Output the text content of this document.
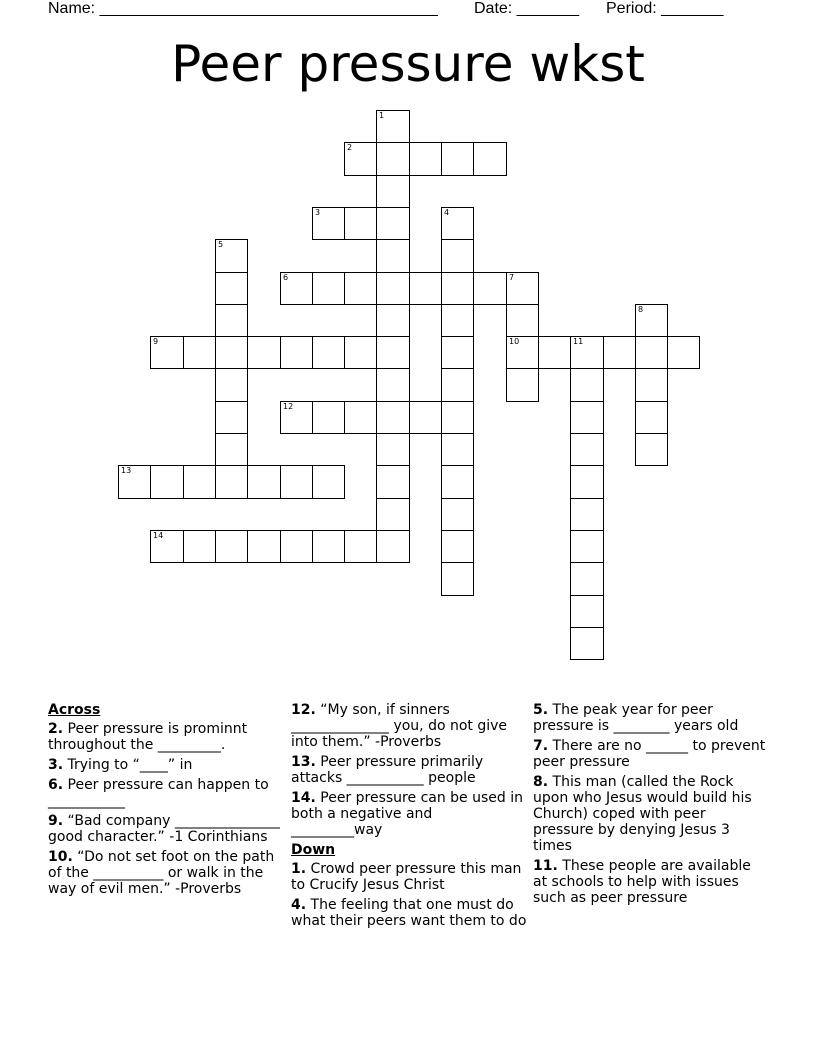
Name: ______________________________________ Date: _______ Period: _______
Peer pressure wkst
1
2
3	4
5
6	7
10
8
9	11
12
13
14
Across
2. Peer pressure is prominnt throughout the _________.
3. Trying to “____” in
6. Peer pressure can happen to ___________
9. “Bad company _______________ good character.” -1 Corinthians
10. “Do not set foot on the path of the __________ or walk in the way of evil men.” -Proverbs
12. “My son, if sinners ______________ you, do not give into them.” -Proverbs
13. Peer pressure primarily attacks ___________ people
14. Peer pressure can be used in both a negative and _________way
Down
1. Crowd peer pressure this man to Crucify Jesus Christ
4. The feeling that one must do what their peers want them to do
5. The peak year for peer pressure is ________ years old
7. There are no ______ to prevent peer pressure
8. This man (called the Rock upon who Jesus would build his Church) coped with peer pressure by denying Jesus 3 times
11. These people are available at schools to help with issues such as peer pressure
